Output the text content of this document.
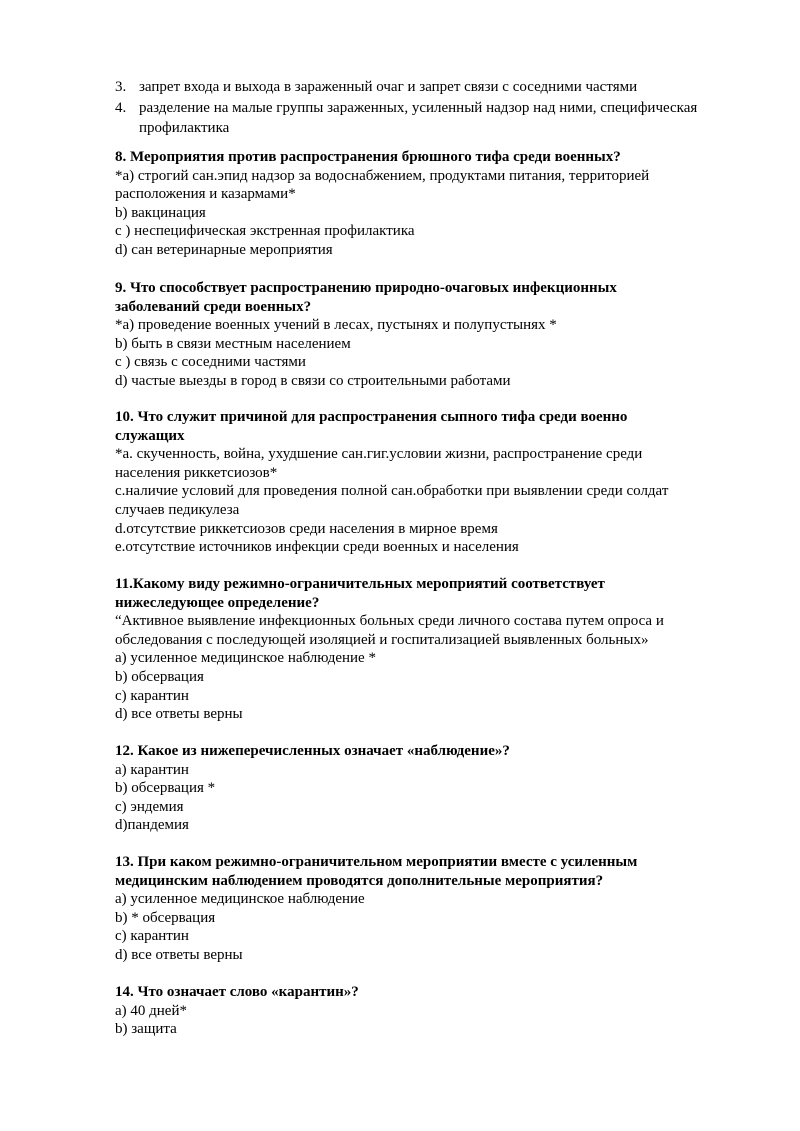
3. запрет входа и выхода в зараженный очаг и запрет связи с соседними частями
4. разделение на малые группы зараженных, усиленный надзор над ними, специфическая профилактика
8. Мероприятия против распространения брюшного тифа среди военных?
*a) строгий сан.эпид надзор за водоснабжением, продуктами питания, территорией
расположения и казармами*
b) вакцинация
c ) неспецифическая экстренная профилактика
d) сан ветеринарные мероприятия
9. Что способствует распространению природно-очаговых инфекционных
заболеваний среди военных?
*a) проведение военных учений в лесах, пустынях и полупустынях *
b) быть в связи местным населением
c ) связь с соседними частями
d) частые выезды в город в связи со строительными работами
10. Что служит причиной для распространения сыпного тифа среди военно
служащих
*a. скученность, война, ухудшение сан.гиг.условии жизни, распространение среди
населения риккетсиозов*
c.наличие условий для проведения полной сан.обработки при выявлении среди солдат
случаев педикулеза
d.отсутствие риккетсиозов среди населения в мирное время
e.отсутствие источников инфекции среди военных и населения
11.Какому виду режимно-ограничительных мероприятий соответствует
нижеследующее определение?
“Активное выявление инфекционных больных среди личного состава путем опроса и
обследования с последующей изоляцией и госпитализацией выявленных больных»
a) усиленное медицинское наблюдение *
b) обсервация
c) карантин
d) все ответы верны
12. Какое из нижеперечисленных означает «наблюдение»?
a) карантин
b) обсервация *
c) эндемия
d)пандемия
13. При каком режимно-ограничительном мероприятии вместе с усиленным
медицинским наблюдением проводятся дополнительные мероприятия?
a) усиленное медицинское наблюдение
b) * обсервация
c) карантин
d) все ответы верны
14. Что означает слово «карантин»?
a) 40 дней*
b) защита
